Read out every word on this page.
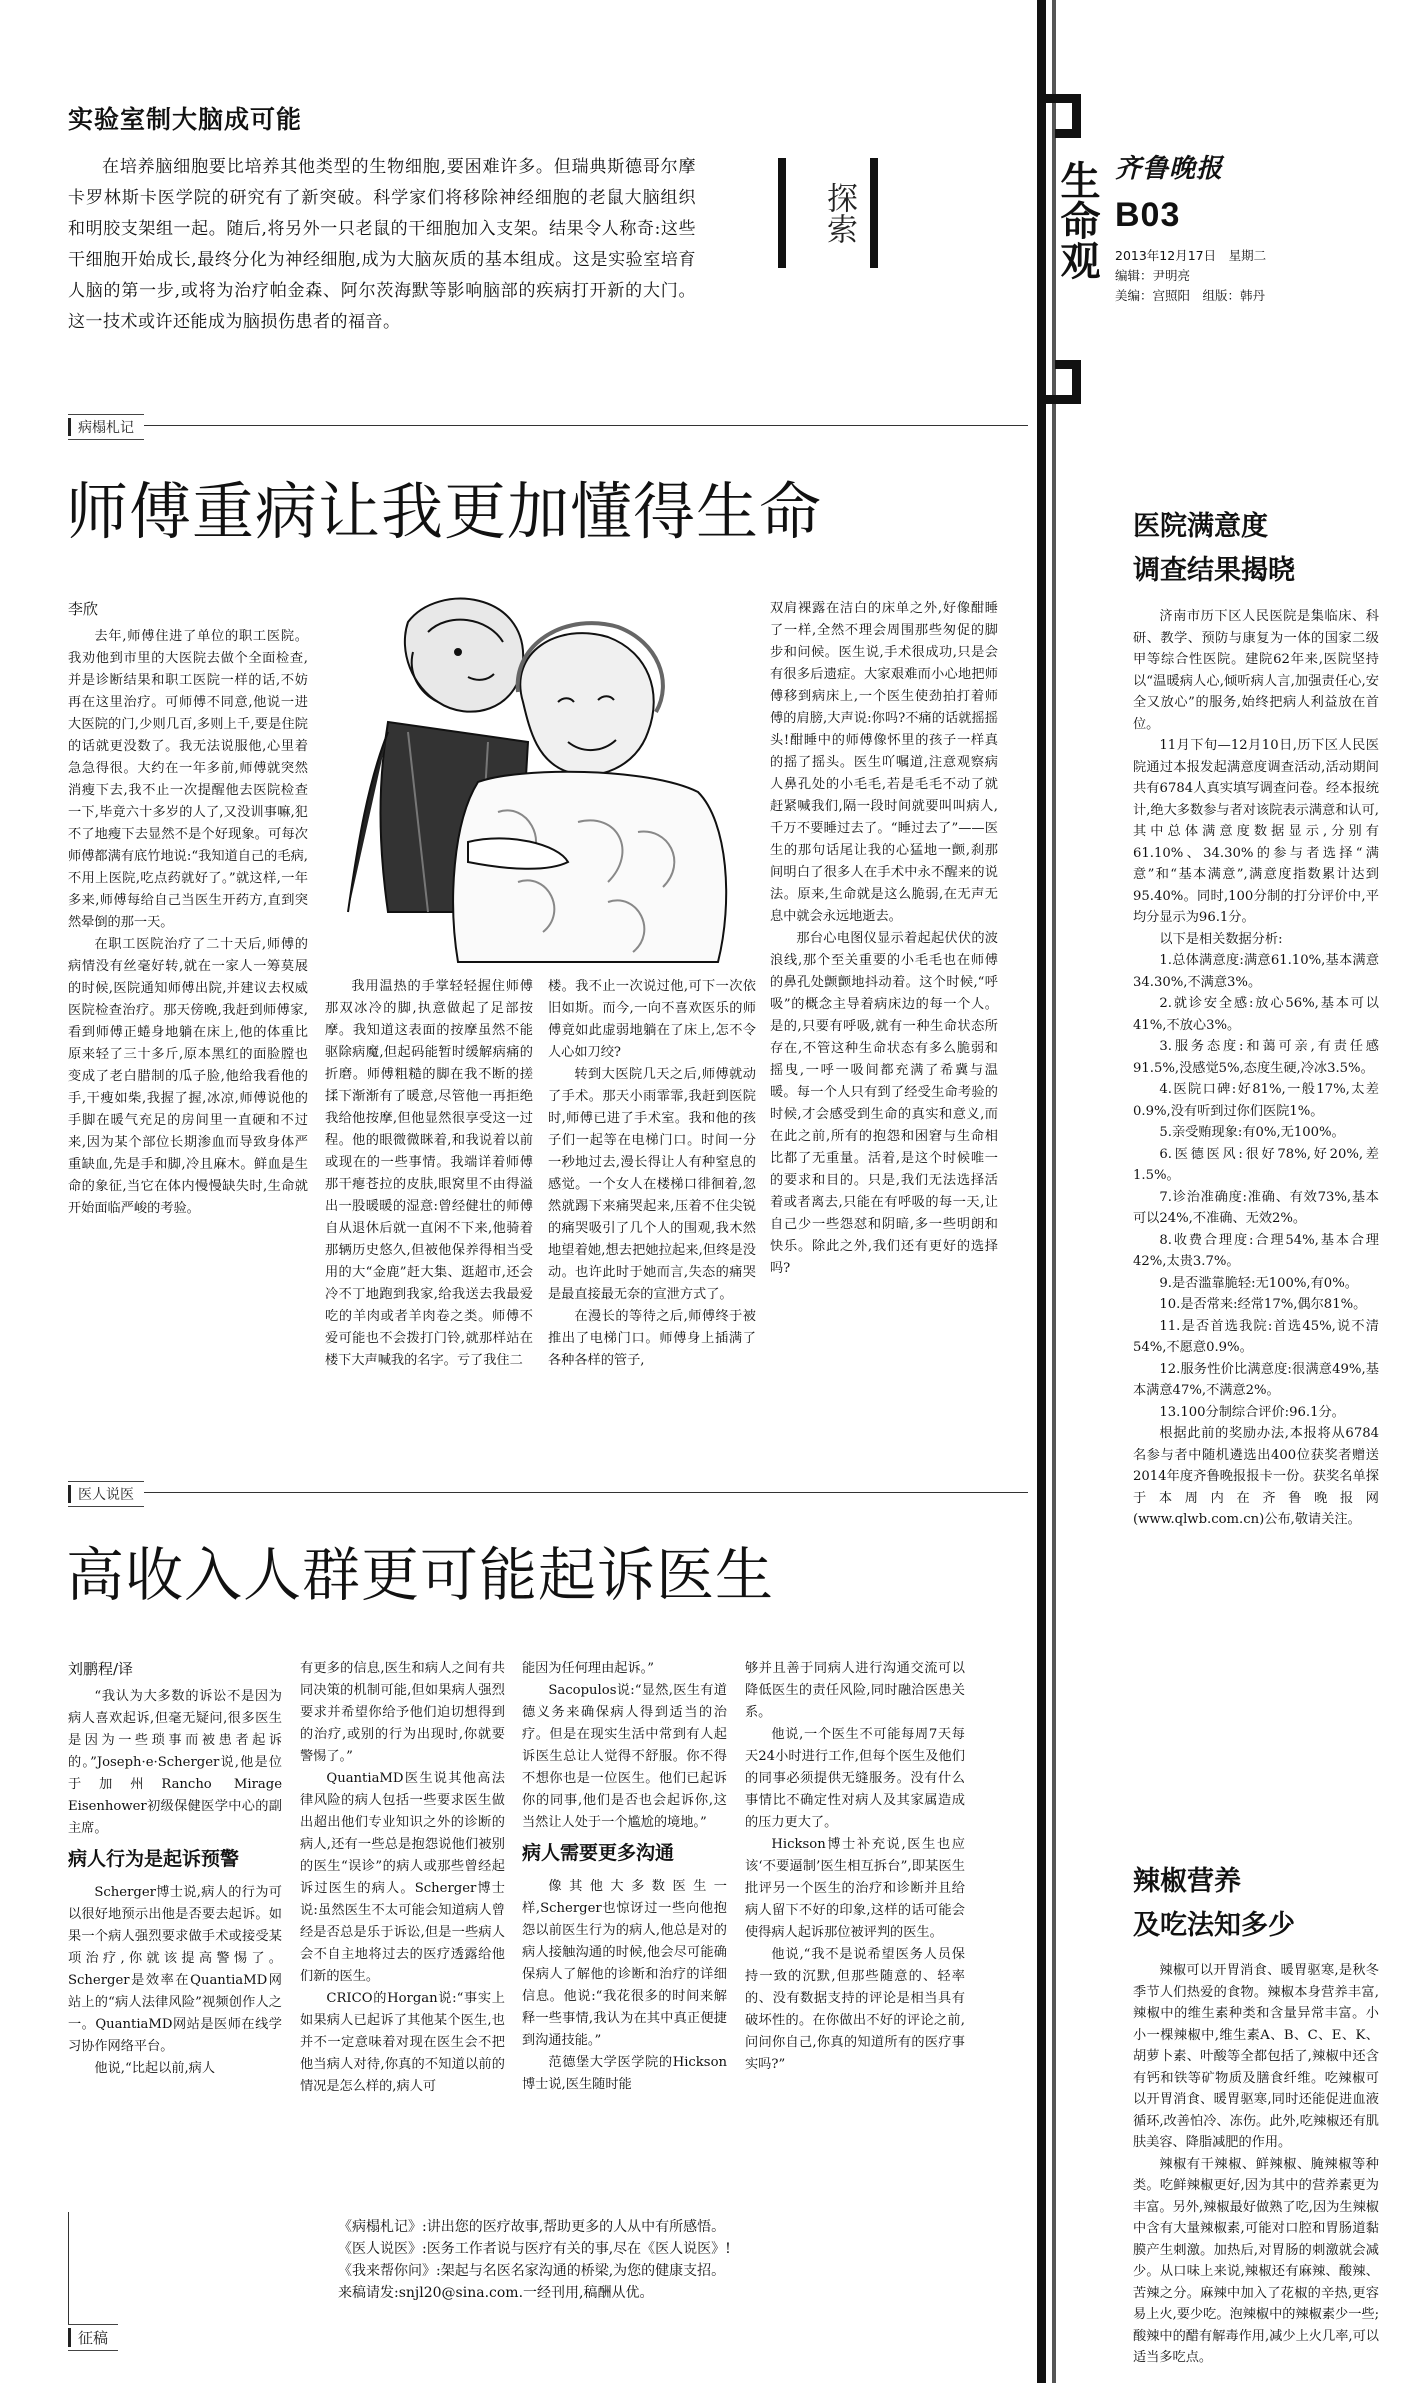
实验室制大脑成可能
在培养脑细胞要比培养其他类型的生物细胞,要困难许多。但瑞典斯德哥尔摩卡罗林斯卡医学院的研究有了新突破。科学家们将移除神经细胞的老鼠大脑组织和明胶支架组一起。随后,将另外一只老鼠的干细胞加入支架。结果令人称奇:这些干细胞开始成长,最终分化为神经细胞,成为大脑灰质的基本组成。这是实验室培育人脑的第一步,或将为治疗帕金森、阿尔茨海默等影响脑部的疾病打开新的大门。这一技术或许还能成为脑损伤患者的福音。
探索	生命观 齐鲁晚报
B03
2013年12月17日　星期二
编辑：尹明亮
美编：宫照阳　组版：韩丹
病榻札记
师傅重病让我更加懂得生命
李欣

去年,师傅住进了单位的职工医院。我劝他到市里的大医院去做个全面检查,并是诊断结果和职工医院一样的话,不妨再在这里治疗。可师傅不同意,他说一进大医院的门,少则几百,多则上千,要是住院的话就更没数了。我无法说服他,心里着急急得很。大约在一年多前,师傅就突然消瘦下去,我不止一次提醒他去医院检查一下,毕竟六十多岁的人了,又没训事嘛,犯不了地瘦下去显然不是个好现象。可每次师傅都满有底竹地说:“我知道自己的毛病,不用上医院,吃点药就好了。”就这样,一年多来,师傅每给自己当医生开药方,直到突然晕倒的那一天。

在职工医院治疗了二十天后,师傅的病情没有丝毫好转,就在一家人一筹莫展的时候,医院通知师傅出院,并建议去权威医院检查治疗。那天傍晚,我赶到师傅家,看到师傅正蜷身地躺在床上,他的体重比原来轻了三十多斤,原本黑红的面脸膛也变成了老白腊制的瓜子脸,他给我看他的手,干瘦如柴,我握了握,冰凉,师傅说他的手脚在暖气充足的房间里一直硬和不过来,因为某个部位长期渗血而导致身体严重缺血,先是手和脚,冷且麻木。鲜血是生命的象征,当它在体内慢慢缺失时,生命就开始面临严峻的考验。

我用温热的手掌轻轻握住师傅那双冰冷的脚,执意做起了足部按摩。我知道这表面的按摩虽然不能驱除病魔,但起码能暂时缓解病痛的折磨。师傅粗糙的脚在我不断的搓揉下渐渐有了暖意,尽管他一再拒绝我给他按摩,但他显然很享受这一过程。他的眼微微眯着,和我说着以前或现在的一些事情。我端详着师傅那干瘪苍拉的皮肤,眼窝里不由得溢出一股暖暖的湿意:曾经健壮的师傅自从退休后就一直闲不下来,他骑着那辆历史悠久,但被他保养得相当受用的大“金鹿”赶大集、逛超市,还会冷不丁地跑到我家,给我送去我最爱吃的羊肉或者羊肉卷之类。师傅不爱可能也不会拨打门铃,就那样站在楼下大声喊我的名字。亏了我住二

楼。我不止一次说过他,可下一次依旧如斯。而今,一向不喜欢医乐的师傅竟如此虚弱地躺在了床上,怎不令人心如刀绞?

转到大医院几天之后,师傅就动了手术。那天小雨霏霏,我赶到医院时,师傅已进了手术室。我和他的孩子们一起等在电梯门口。时间一分一秒地过去,漫长得让人有种窒息的感觉。一个女人在楼梯口徘徊着,忽然就踢下来痛哭起来,压着不住尖锐的痛哭吸引了几个人的围观,我木然地望着她,想去把她拉起来,但终是没动。也许此时于她而言,失态的痛哭是最直接最无奈的宣泄方式了。

在漫长的等待之后,师傅终于被推出了电梯门口。师傅身上插满了各种各样的管子,

双肩裸露在洁白的床单之外,好像酣睡了一样,全然不理会周围那些匆促的脚步和问候。医生说,手术很成功,只是会有很多后遗症。大家艰难而小心地把师傅移到病床上,一个医生使劲拍打着师傅的肩膀,大声说:你吗?不痛的话就摇摇头!酣睡中的师傅像怀里的孩子一样真的摇了摇头。医生吖嘱道,注意观察病人鼻孔处的小毛毛,若是毛毛不动了就赶紧喊我们,隔一段时间就要叫叫病人,千万不要睡过去了。“睡过去了”——医生的那句话尾让我的心猛地一颤,刹那间明白了很多人在手术中永不醒来的说法。原来,生命就是这么脆弱,在无声无息中就会永远地逝去。

那台心电图仪显示着起起伏伏的波浪线,那个至关重要的小毛毛也在师傅的鼻孔处颤颤地抖动着。这个时候,“呼吸”的概念主导着病床边的每一个人。是的,只要有呼吸,就有一种生命状态所存在,不管这种生命状态有多么脆弱和摇曳,一呼一吸间都充满了希冀与温暖。每一个人只有到了经受生命考验的时候,才会感受到生命的真实和意义,而在此之前,所有的抱怨和困窘与生命相比都了无重量。活着,是这个时候唯一的要求和目的。只是,我们无法选择活着或者离去,只能在有呼吸的每一天,让自己少一些怨怼和阴暗,多一些明朗和快乐。除此之外,我们还有更好的选择吗?

医人说医
高收入人群更可能起诉医生
刘鹏程/译

“我认为大多数的诉讼不是因为病人喜欢起诉,但毫无疑问,很多医生是因为一些琐事而被患者起诉的。”Joseph·e·Scherger说,他是位于加州Rancho Mirage Eisenhower初级保健医学中心的副主席。

病人行为是起诉预警

Scherger博士说,病人的行为可以很好地预示出他是否要去起诉。如果一个病人强烈要求做手术或接受某项治疗,你就该提高警惕了。Scherger是效率在QuantiaMD网站上的“病人法律风险”视频创作人之一。QuantiaMD网站是医师在线学习协作网络平台。

他说,“比起以前,病人

有更多的信息,医生和病人之间有共同决策的机制可能,但如果病人强烈要求并希望你给予他们迫切想得到的治疗,或别的行为出现时,你就要警惕了。”

QuantiaMD医生说其他高法律风险的病人包括一些要求医生做出超出他们专业知识之外的诊断的病人,还有一些总是抱怨说他们被别的医生“误诊”的病人或那些曾经起诉过医生的病人。Scherger博士说:虽然医生不太可能会知道病人曾经是否总是乐于诉讼,但是一些病人会不自主地将过去的医疗透露给他们新的医生。

CRICO的Horgan说:“事实上如果病人已起诉了其他某个医生,也并不一定意味着对现在医生会不把他当病人对待,你真的不知道以前的情况是怎么样的,病人可

能因为任何理由起诉。”

Sacopulos说:“显然,医生有道德义务来确保病人得到适当的治疗。但是在现实生活中常到有人起诉医生总让人觉得不舒服。你不得不想你也是一位医生。他们已起诉你的同事,他们是否也会起诉你,这当然让人处于一个尴尬的境地。”

病人需要更多沟通

像其他大多数医生一样,Scherger也惊讶过一些向他抱怨以前医生行为的病人,他总是对的病人接触沟通的时候,他会尽可能确保病人了解他的诊断和治疗的详细信息。他说:“我花很多的时间来解释一些事情,我认为在其中真正便捷到沟通技能。”

范德堡大学医学院的Hickson博士说,医生随时能

够并且善于同病人进行沟通交流可以降低医生的责任风险,同时融洽医患关系。

他说,一个医生不可能每周7天每天24小时进行工作,但每个医生及他们的同事必须提供无缝服务。没有什么事情比不确定性对病人及其家属造成的压力更大了。

Hickson博士补充说,医生也应该‘不要逼制’医生相互拆台”,即某医生批评另一个医生的治疗和诊断并且给病人留下不好的印象,这样的话可能会使得病人起诉那位被评判的医生。

他说,“我不是说希望医务人员保持一致的沉默,但那些随意的、轻率的、没有数据支持的评论是相当具有破坏性的。在你做出不好的评论之前,问问你自己,你真的知道所有的医疗事实吗?”

《病榻札记》:讲出您的医疗故事,帮助更多的人从中有所感悟。
《医人说医》:医务工作者说与医疗有关的事,尽在《医人说医》!
《我来帮你问》:架起与名医名家沟通的桥梁,为您的健康支招。
来稿请发:snjl20@sina.com.一经刊用,稿酬从优。
征稿
医院满意度
调查结果揭晓

济南市历下区人民医院是集临床、科研、教学、预防与康复为一体的国家二级甲等综合性医院。建院62年来,医院坚持以“温暖病人心,倾听病人言,加强责任心,安全又放心”的服务,始终把病人利益放在首位。

11月下旬—12月10日,历下区人民医院通过本报发起满意度调查活动,活动期间共有6784人真实填写调查问卷。经本报统计,绝大多数参与者对该院表示满意和认可,其中总体满意度数据显示,分别有61.10%、34.30%的参与者选择“满意”和“基本满意”,满意度指数累计达到95.40%。同时,100分制的打分评价中,平均分显示为96.1分。

以下是相关数据分析:

1.总体满意度:满意61.10%,基本满意34.30%,不满意3%。

2.就诊安全感:放心56%,基本可以41%,不放心3%。

3.服务态度:和蔼可亲,有责任感91.5%,没感觉5%,态度生硬,冷冰3.5%。

4.医院口碑:好81%,一般17%,太差0.9%,没有听到过你们医院1%。

5.亲受贿现象:有0%,无100%。

6.医德医风:很好78%,好20%,差1.5%。

7.诊治准确度:准确、有效73%,基本可以24%,不准确、无效2%。

8.收费合理度:合理54%,基本合理42%,太贵3.7%。

9.是否滥靠脆轻:无100%,有0%。

10.是否常来:经常17%,偶尔81%。

11.是否首选我院:首选45%,说不清54%,不愿意0.9%。

12.服务性价比满意度:很满意49%,基本满意47%,不满意2%。

13.100分制综合评价:96.1分。

根据此前的奖励办法,本报将从6784名参与者中随机遴选出400位获奖者赠送2014年度齐鲁晚报报卡一份。获奖名单探于本周内在齐鲁晚报网(www.qlwb.com.cn)公布,敬请关注。

辣椒营养
及吃法知多少

辣椒可以开胃消食、暖胃驱寒,是秋冬季节人们热爱的食物。辣椒本身营养丰富,辣椒中的维生素种类和含量异常丰富。小小一棵辣椒中,维生素A、B、C、E、K、胡萝卜素、叶酸等全都包括了,辣椒中还含有钙和铁等矿物质及膳食纤维。吃辣椒可以开胃消食、暖胃驱寒,同时还能促进血液循环,改善怕冷、冻伤。此外,吃辣椒还有肌肤美容、降脂减肥的作用。

辣椒有干辣椒、鲜辣椒、腌辣椒等种类。吃鲜辣椒更好,因为其中的营养素更为丰富。另外,辣椒最好做熟了吃,因为生辣椒中含有大量辣椒素,可能对口腔和胃肠道黏膜产生刺激。加热后,对胃肠的刺激就会减少。从口味上来说,辣椒还有麻辣、酸辣、苦辣之分。麻辣中加入了花椒的辛热,更容易上火,要少吃。泡辣椒中的辣椒素少一些;酸辣中的醋有解毒作用,减少上火几率,可以适当多吃点。
